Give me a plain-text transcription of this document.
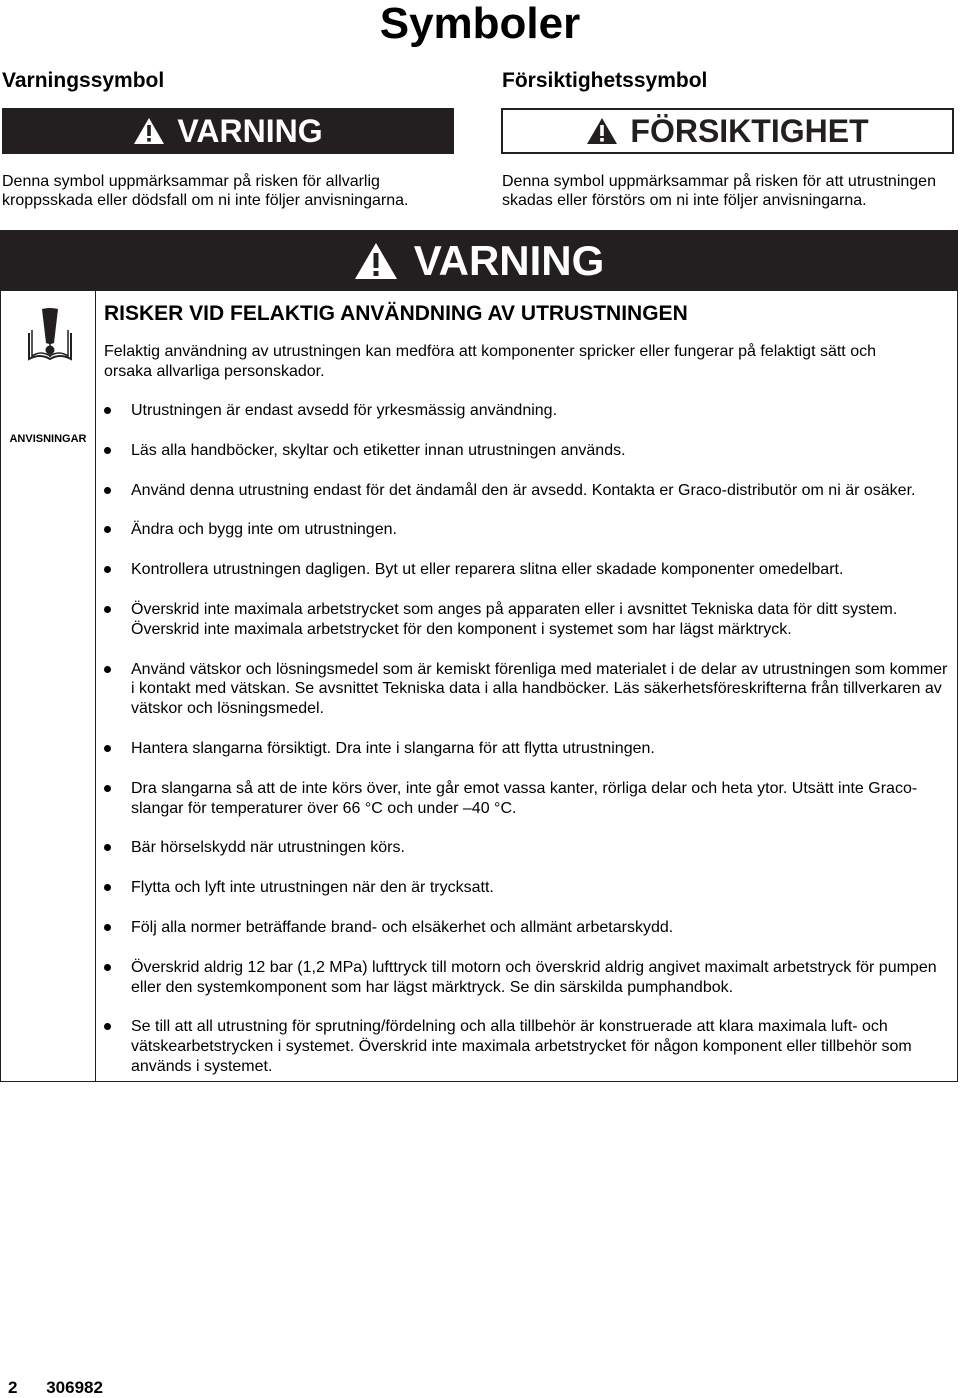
Symboler
Varningssymbol
VARNING
Denna symbol uppmärksammar på risken för allvarlig kroppsskada eller dödsfall om ni inte följer anvisningarna.
Försiktighetssymbol
FÖRSIKTIGHET
Denna symbol uppmärksammar på risken för att utrustningen skadas eller förstörs om ni inte följer anvisningarna.
VARNING
ANVISNINGAR
RISKER VID FELAKTIG ANVÄNDNING AV UTRUSTNINGEN
Felaktig användning av utrustningen kan medföra att komponenter spricker eller fungerar på felaktigt sätt och orsaka allvarliga personskador.
Utrustningen är endast avsedd för yrkesmässig användning.
Läs alla handböcker, skyltar och etiketter innan utrustningen används.
Använd denna utrustning endast för det ändamål den är avsedd. Kontakta er Graco-distributör om ni är osäker.
Ändra och bygg inte om utrustningen.
Kontrollera utrustningen dagligen. Byt ut eller reparera slitna eller skadade komponenter omedelbart.
Överskrid inte maximala arbetstrycket som anges på apparaten eller i avsnittet Tekniska data för ditt system. Överskrid inte maximala arbetstrycket för den komponent i systemet som har lägst märktryck.
Använd vätskor och lösningsmedel som är kemiskt förenliga med materialet i de delar av utrustningen som kommer i kontakt med vätskan. Se avsnittet Tekniska data i alla handböcker. Läs säkerhetsföreskrifterna från tillverkaren av vätskor och lösningsmedel.
Hantera slangarna försiktigt. Dra inte i slangarna för att flytta utrustningen.
Dra slangarna så att de inte körs över, inte går emot vassa kanter, rörliga delar och heta ytor. Utsätt inte Graco-slangar för temperaturer över 66 °C och under –40 °C.
Bär hörselskydd när utrustningen körs.
Flytta och lyft inte utrustningen när den är trycksatt.
Följ alla normer beträffande brand- och elsäkerhet och allmänt arbetarskydd.
Överskrid aldrig 12 bar (1,2 MPa) lufttryck till motorn och överskrid aldrig angivet maximalt arbetstryck för pumpen eller den systemkomponent som har lägst märktryck. Se din särskilda pumphandbok.
Se till att all utrustning för sprutning/fördelning och alla tillbehör är konstruerade att klara maximala luft- och vätskearbetstrycken i systemet. Överskrid inte maximala arbetstrycket för någon komponent eller tillbehör som används i systemet.
2 306982
